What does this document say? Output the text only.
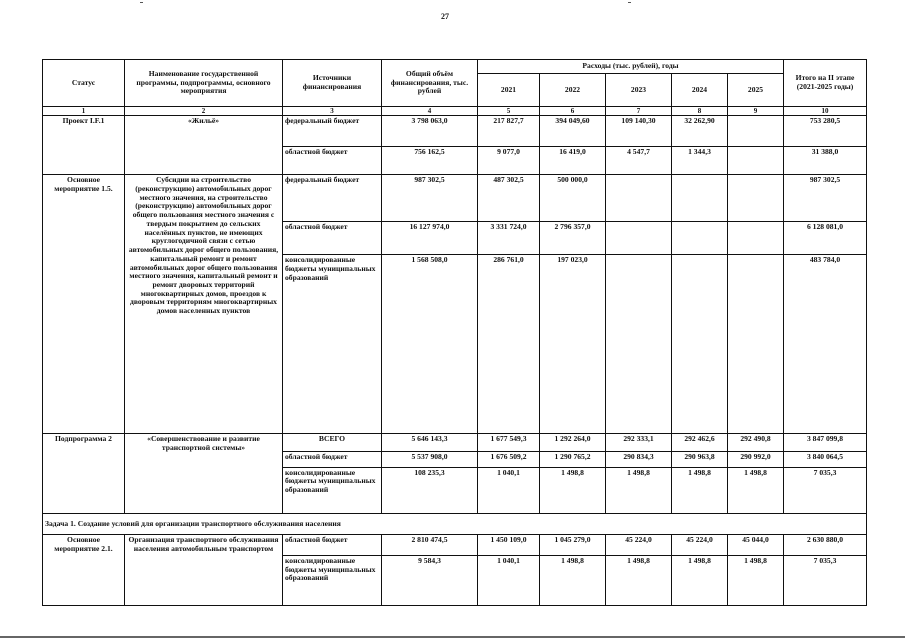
27
Статус	Наименование государственной программы, подпрограммы, основного мероприятия	Источники финансирования	Общий объём финансирования, тыс. рублей	Расходы (тыс. рублей), годы					Итого на II этапе (2021-2025 годы)
				2021	2022	2023	2024	2025	
1	2	3	4	5	6	7	8	9	10
Проект I.F.1	«Жильё»	федеральный бюджет	3 798 063,0	217 827,7	394 049,60	109 140,30	32 262,90		753 280,5
		областной бюджет	756 162,5	9 077,0	16 419,0	4 547,7	1 344,3		31 388,0
Основное мероприятие 1.5.	Субсидии на строительство (реконструкцию) автомобильных дорог местного значения, на строительство (реконструкцию) автомобильных дорог общего пользования местного значения с твердым покрытием до сельских населённых пунктов, не имеющих круглогодичной связи с сетью автомобильных дорог общего пользования, капитальный ремонт и ремонт автомобильных дорог общего пользования местного значения, капитальный ремонт и ремонт дворовых территорий многоквартирных домов, проездов к дворовым территориям многоквартирных домов населенных пунктов	федеральный бюджет	987 302,5	487 302,5	500 000,0				987 302,5
		областной бюджет	16 127 974,0	3 331 724,0	2 796 357,0				6 128 081,0
		консолидированные бюджеты муниципальных образований	1 568 508,0	286 761,0	197 023,0				483 784,0
Подпрограмма 2	«Совершенствование и развитие транспортной системы»	ВСЕГО	5 646 143,3	1 677 549,3	1 292 264,0	292 333,1	292 462,6	292 490,8	3 847 099,8
		областной бюджет	5 537 908,0	1 676 509,2	1 290 765,2	290 834,3	290 963,8	290 992,0	3 840 064,5
		консолидированные бюджеты муниципальных образований	108 235,3	1 040,1	1 498,8	1 498,8	1 498,8	1 498,8	7 035,3
Задача 1. Создание условий для организации транспортного обслуживания населения									
Основное мероприятие 2.1.	Организация транспортного обслуживания населения автомобильным транспортом	областной бюджет	2 810 474,5	1 450 109,0	1 045 279,0	45 224,0	45 224,0	45 044,0	2 630 880,0
		консолидированные бюджеты муниципальных образований	9 584,3	1 040,1	1 498,8	1 498,8	1 498,8	1 498,8	7 035,3
